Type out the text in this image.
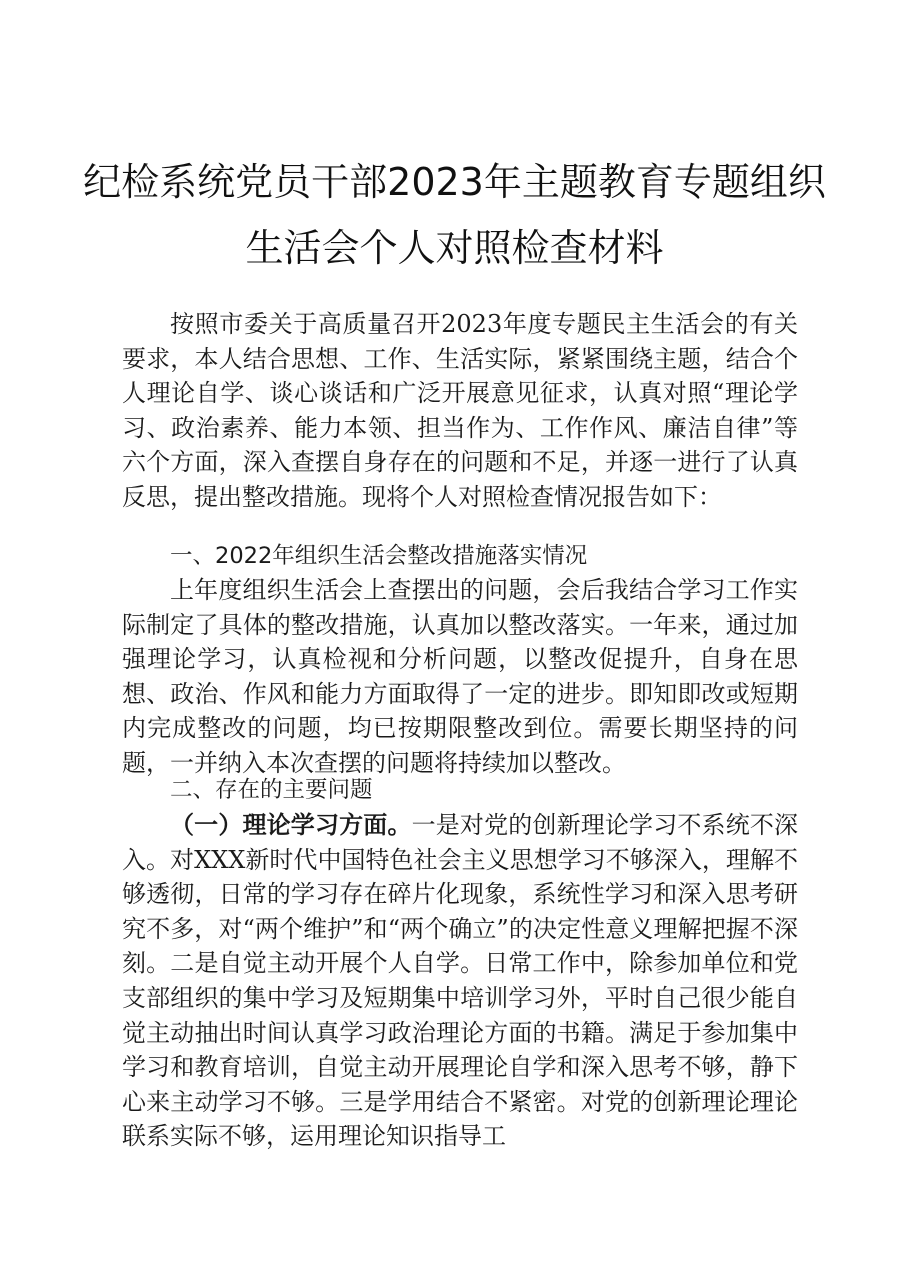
纪检系统党员干部2023年主题教育专题组织
生活会个人对照检查材料

按照市委关于高质量召开2023年度专题民主生活会的有关要求，本人结合思想、工作、生活实际，紧紧围绕主题，结合个人理论自学、谈心谈话和广泛开展意见征求，认真对照“理论学习、政治素养、能力本领、担当作为、工作作风、廉洁自律”等六个方面，深入查摆自身存在的问题和不足，并逐一进行了认真反思，提出整改措施。现将个人对照检查情况报告如下：

一、2022年组织生活会整改措施落实情况

上年度组织生活会上查摆出的问题，会后我结合学习工作实际制定了具体的整改措施，认真加以整改落实。一年来，通过加强理论学习，认真检视和分析问题，以整改促提升，自身在思想、政治、作风和能力方面取得了一定的进步。即知即改或短期内完成整改的问题，均已按期限整改到位。需要长期坚持的问题，一并纳入本次查摆的问题将持续加以整改。

二、存在的主要问题

（一）理论学习方面。一是对党的创新理论学习不系统不深入。对XXX新时代中国特色社会主义思想学习不够深入，理解不够透彻，日常的学习存在碎片化现象，系统性学习和深入思考研究不多，对“两个维护”和“两个确立”的决定性意义理解把握不深刻。二是自觉主动开展个人自学。日常工作中，除参加单位和党支部组织的集中学习及短期集中培训学习外，平时自己很少能自觉主动抽出时间认真学习政治理论方面的书籍。满足于参加集中学习和教育培训，自觉主动开展理论自学和深入思考不够，静下心来主动学习不够。三是学用结合不紧密。对党的创新理论理论联系实际不够，运用理论知识指导工
